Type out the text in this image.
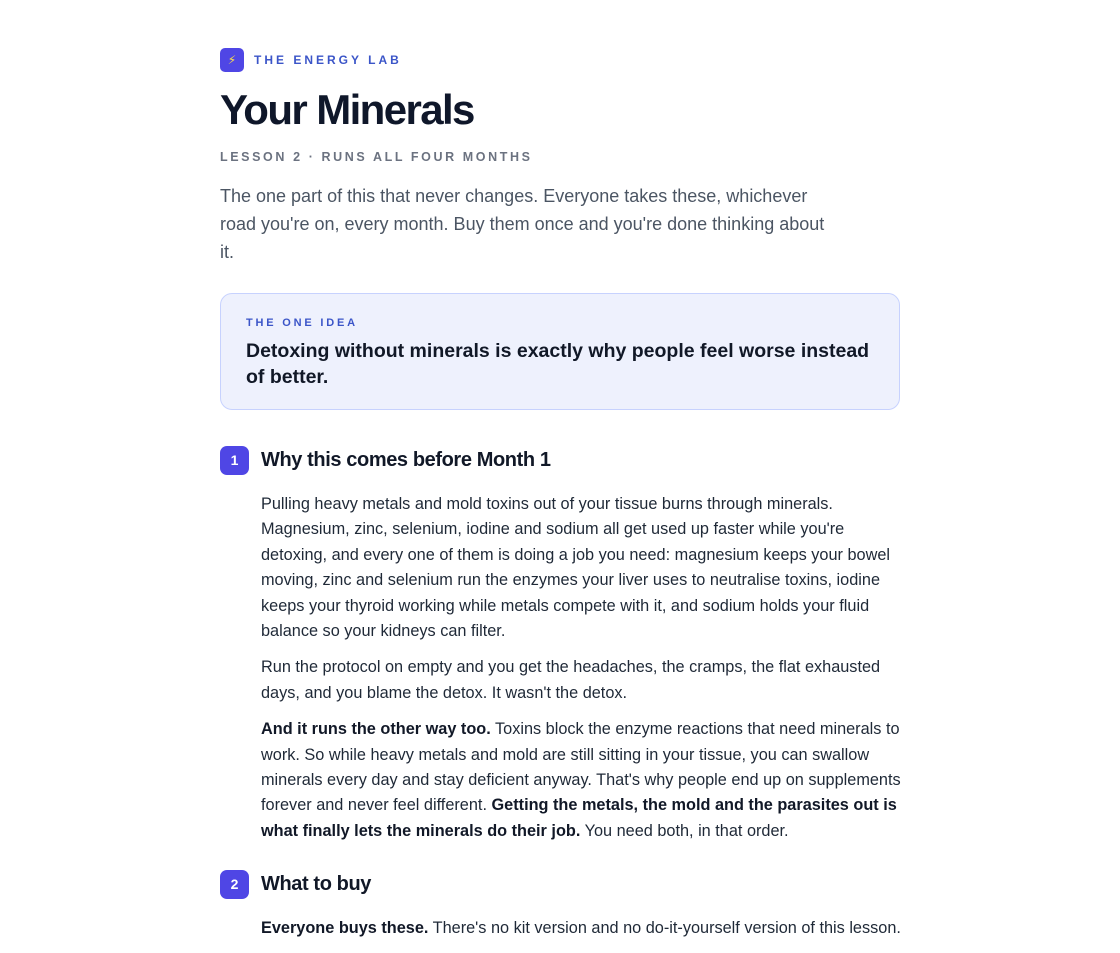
⚡	THE ENERGY LAB
Your Minerals
LESSON 2 · RUNS ALL FOUR MONTHS

The one part of this that never changes. Everyone takes these, whichever road you're on, every month. Buy them once and you're done thinking about it.

THE ONE IDEA
Detoxing without minerals is exactly why people feel worse instead of better.
1	Why this comes before Month 1

Pulling heavy metals and mold toxins out of your tissue burns through minerals. Magnesium, zinc, selenium, iodine and sodium all get used up faster while you're detoxing, and every one of them is doing a job you need: magnesium keeps your bowel moving, zinc and selenium run the enzymes your liver uses to neutralise toxins, iodine keeps your thyroid working while metals compete with it, and sodium holds your fluid balance so your kidneys can filter.

Run the protocol on empty and you get the headaches, the cramps, the flat exhausted days, and you blame the detox. It wasn't the detox.

And it runs the other way too. Toxins block the enzyme reactions that need minerals to work. So while heavy metals and mold are still sitting in your tissue, you can swallow minerals every day and stay deficient anyway. That's why people end up on supplements forever and never feel different. Getting the metals, the mold and the parasites out is what finally lets the minerals do their job. You need both, in that order.

2	What to buy

Everyone buys these. There's no kit version and no do-it-yourself version of this lesson.
